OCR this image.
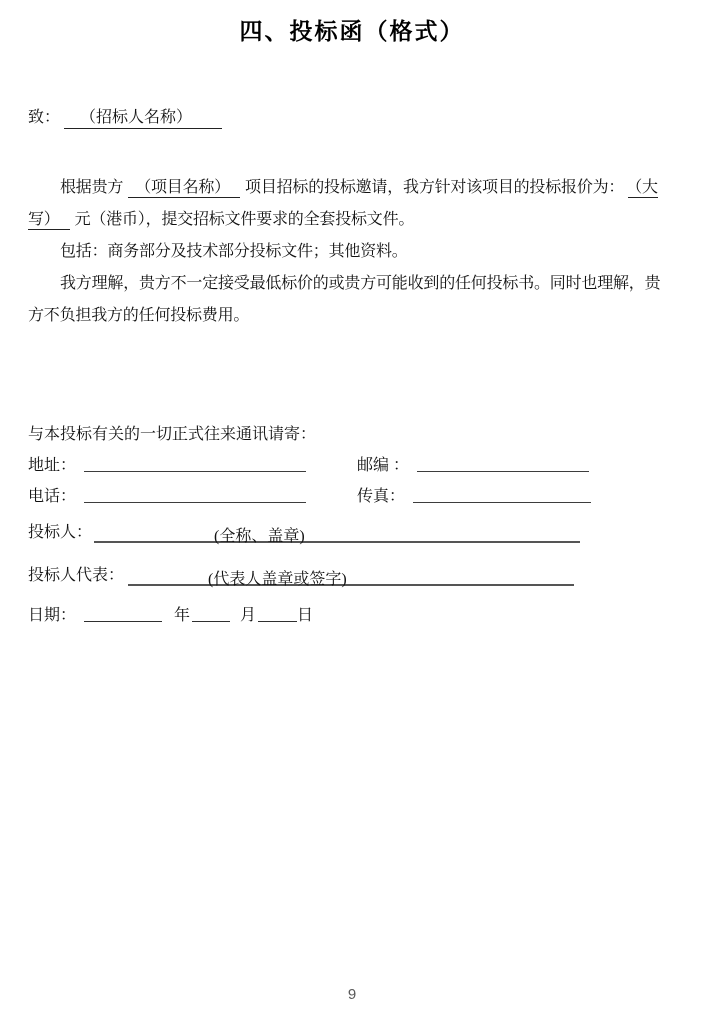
四、投标函（格式）
致： （招标人名称）
根据贵方 （项目名称） 项目招标的投标邀请，我方针对该项目的投标报价为： （大
写） 元（港币），提交招标文件要求的全套投标文件。
包括：商务部分及技术部分投标文件；其他资料。
我方理解，贵方不一定接受最低标价的或贵方可能收到的任何投标书。同时也理解，贵
方不负担我方的任何投标费用。
与本投标有关的一切正式往来通讯请寄：
地址：	邮编 ：
电话：	传真：
投标人：	(全称、盖章)
投标人代表：	(代表人盖章或签字)
日期：	年	月	日
9
